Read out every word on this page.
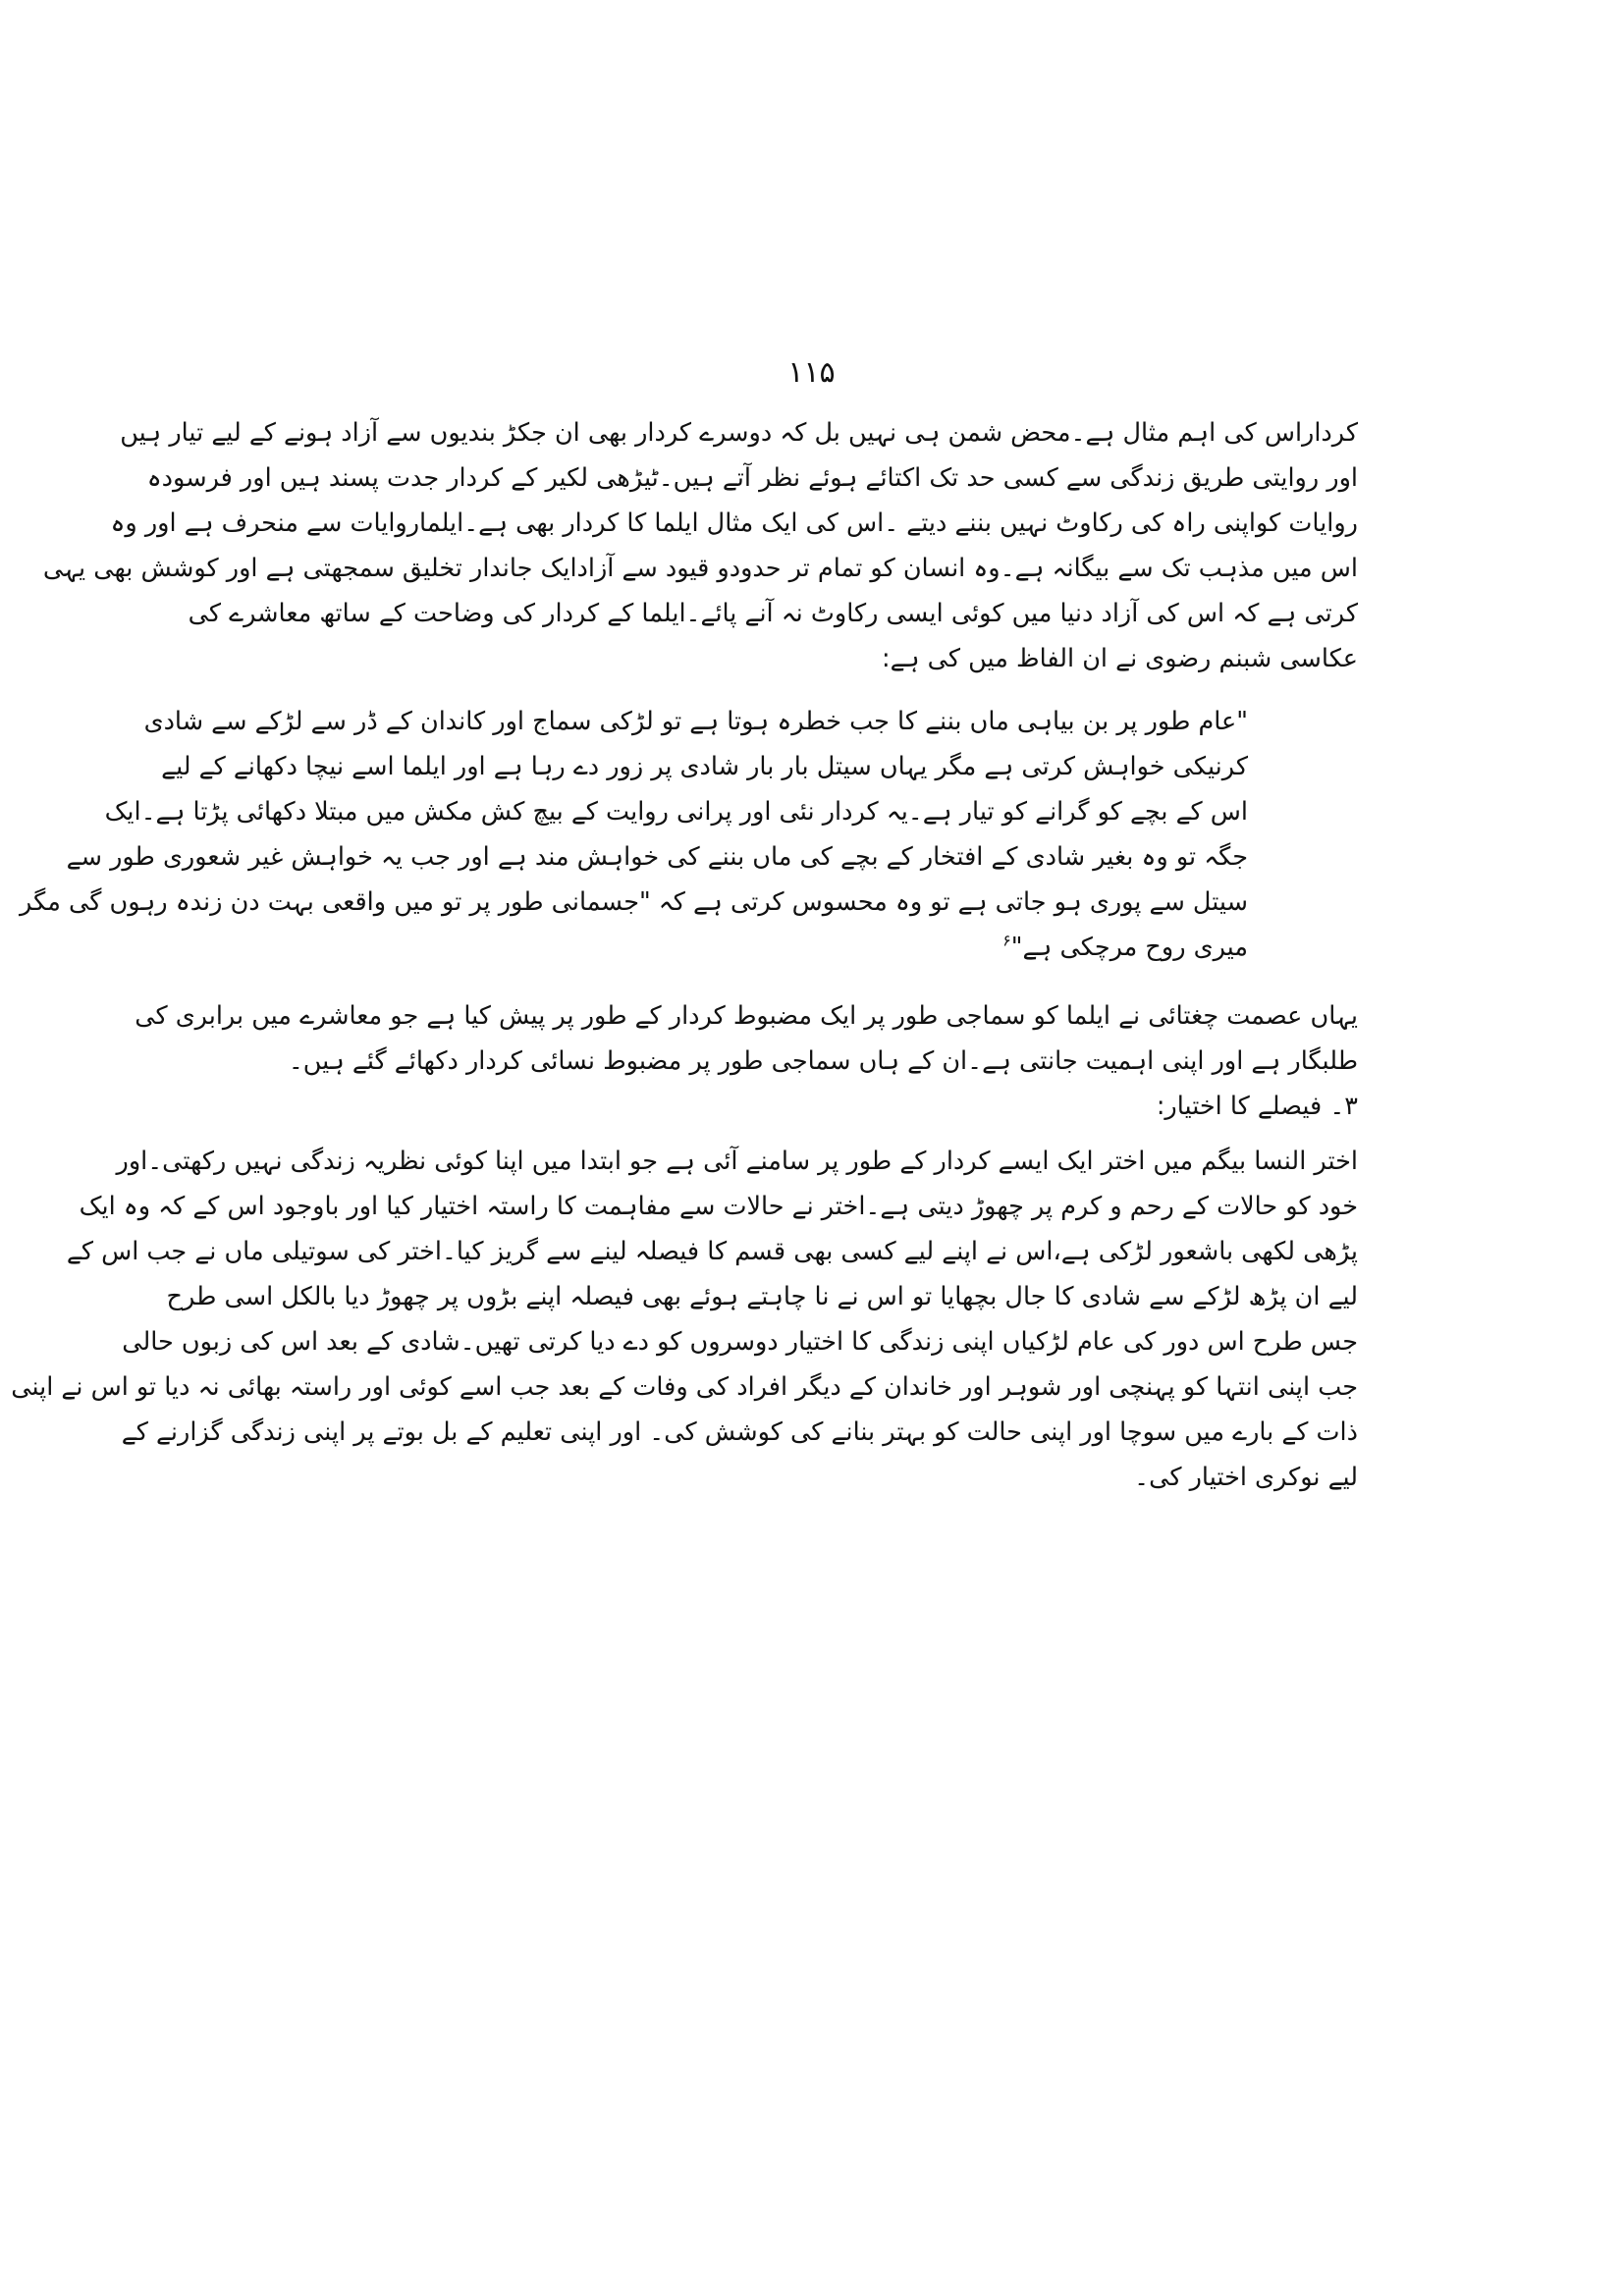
۱۱۵
کرداراس کی اہم مثال ہے۔محض شمن ہی نہیں بل کہ دوسرے کردار بھی ان جکڑ بندیوں سے آزاد ہونے کے لیے تیار ہیں
اور روایتی طریق زندگی سے کسی حد تک اکتائے ہوئے نظر آتے ہیں۔ٹیڑھی لکیر کے کردار جدت پسند ہیں اور فرسودہ
روایات کواپنی راہ کی رکاوٹ نہیں بننے دیتے ۔اس کی ایک مثال ایلما کا کردار بھی ہے۔ایلماروایات سے منحرف ہے اور وہ
اس میں مذہب تک سے بیگانہ ہے۔وہ انسان کو تمام تر حدودو قیود سے آزادایک جاندار تخلیق سمجھتی ہے اور کوشش بھی یہی
کرتی ہے کہ اس کی آزاد دنیا میں کوئی ایسی رکاوٹ نہ آنے پائے۔ایلما کے کردار کی وضاحت کے ساتھ معاشرے کی
عکاسی شبنم رضوی نے ان الفاظ میں کی ہے:
"عام طور پر بن بیاہی ماں بننے کا جب خطرہ ہوتا ہے تو لڑکی سماج اور کاندان کے ڈر سے لڑکے سے شادی
کرنیکی خواہش کرتی ہے مگر یہاں سیتل بار بار شادی پر زور دے رہا ہے اور ایلما اسے نیچا دکھانے کے لیے
اس کے بچے کو گرانے کو تیار ہے۔یہ کردار نئی اور پرانی روایت کے بیچ کش مکش میں مبتلا دکھائی پڑتا ہے۔ایک
جگہ تو وہ بغیر شادی کے افتخار کے بچے کی ماں بننے کی خواہش مند ہے اور جب یہ خواہش غیر شعوری طور سے
سیتل سے پوری ہو جاتی ہے تو وہ محسوس کرتی ہے کہ "جسمانی طور پر تو میں واقعی بہت دن زندہ رہوں گی مگر
میری روح مرچکی ہے"$^۶$
یہاں عصمت چغتائی نے ایلما کو سماجی طور پر ایک مضبوط کردار کے طور پر پیش کیا ہے جو معاشرے میں برابری کی
طلبگار ہے اور اپنی اہمیت جانتی ہے۔ان کے ہاں سماجی طور پر مضبوط نسائی کردار دکھائے گئے ہیں۔
۳۔ فیصلے کا اختیار:
اختر النسا بیگم میں اختر ایک ایسے کردار کے طور پر سامنے آئی ہے جو ابتدا میں اپنا کوئی نظریہ زندگی نہیں رکھتی۔اور
خود کو حالات کے رحم و کرم پر چھوڑ دیتی ہے۔اختر نے حالات سے مفاہمت کا راستہ اختیار کیا اور باوجود اس کے کہ وہ ایک
پڑھی لکھی باشعور لڑکی ہے،اس نے اپنے لیے کسی بھی قسم کا فیصلہ لینے سے گریز کیا۔اختر کی سوتیلی ماں نے جب اس کے
لیے ان پڑھ لڑکے سے شادی کا جال بچھایا تو اس نے نا چاہتے ہوئے بھی فیصلہ اپنے بڑوں پر چھوڑ دیا بالکل اسی طرح
جس طرح اس دور کی عام لڑکیاں اپنی زندگی کا اختیار دوسروں کو دے دیا کرتی تھیں۔شادی کے بعد اس کی زبوں حالی
جب اپنی انتہا کو پہنچی اور شوہر اور خاندان کے دیگر افراد کی وفات کے بعد جب اسے کوئی اور راستہ بھائی نہ دیا تو اس نے اپنی
ذات کے بارے میں سوچا اور اپنی حالت کو بہتر بنانے کی کوشش کی۔ اور اپنی تعلیم کے بل بوتے پر اپنی زندگی گزارنے کے
لیے نوکری اختیار کی۔
